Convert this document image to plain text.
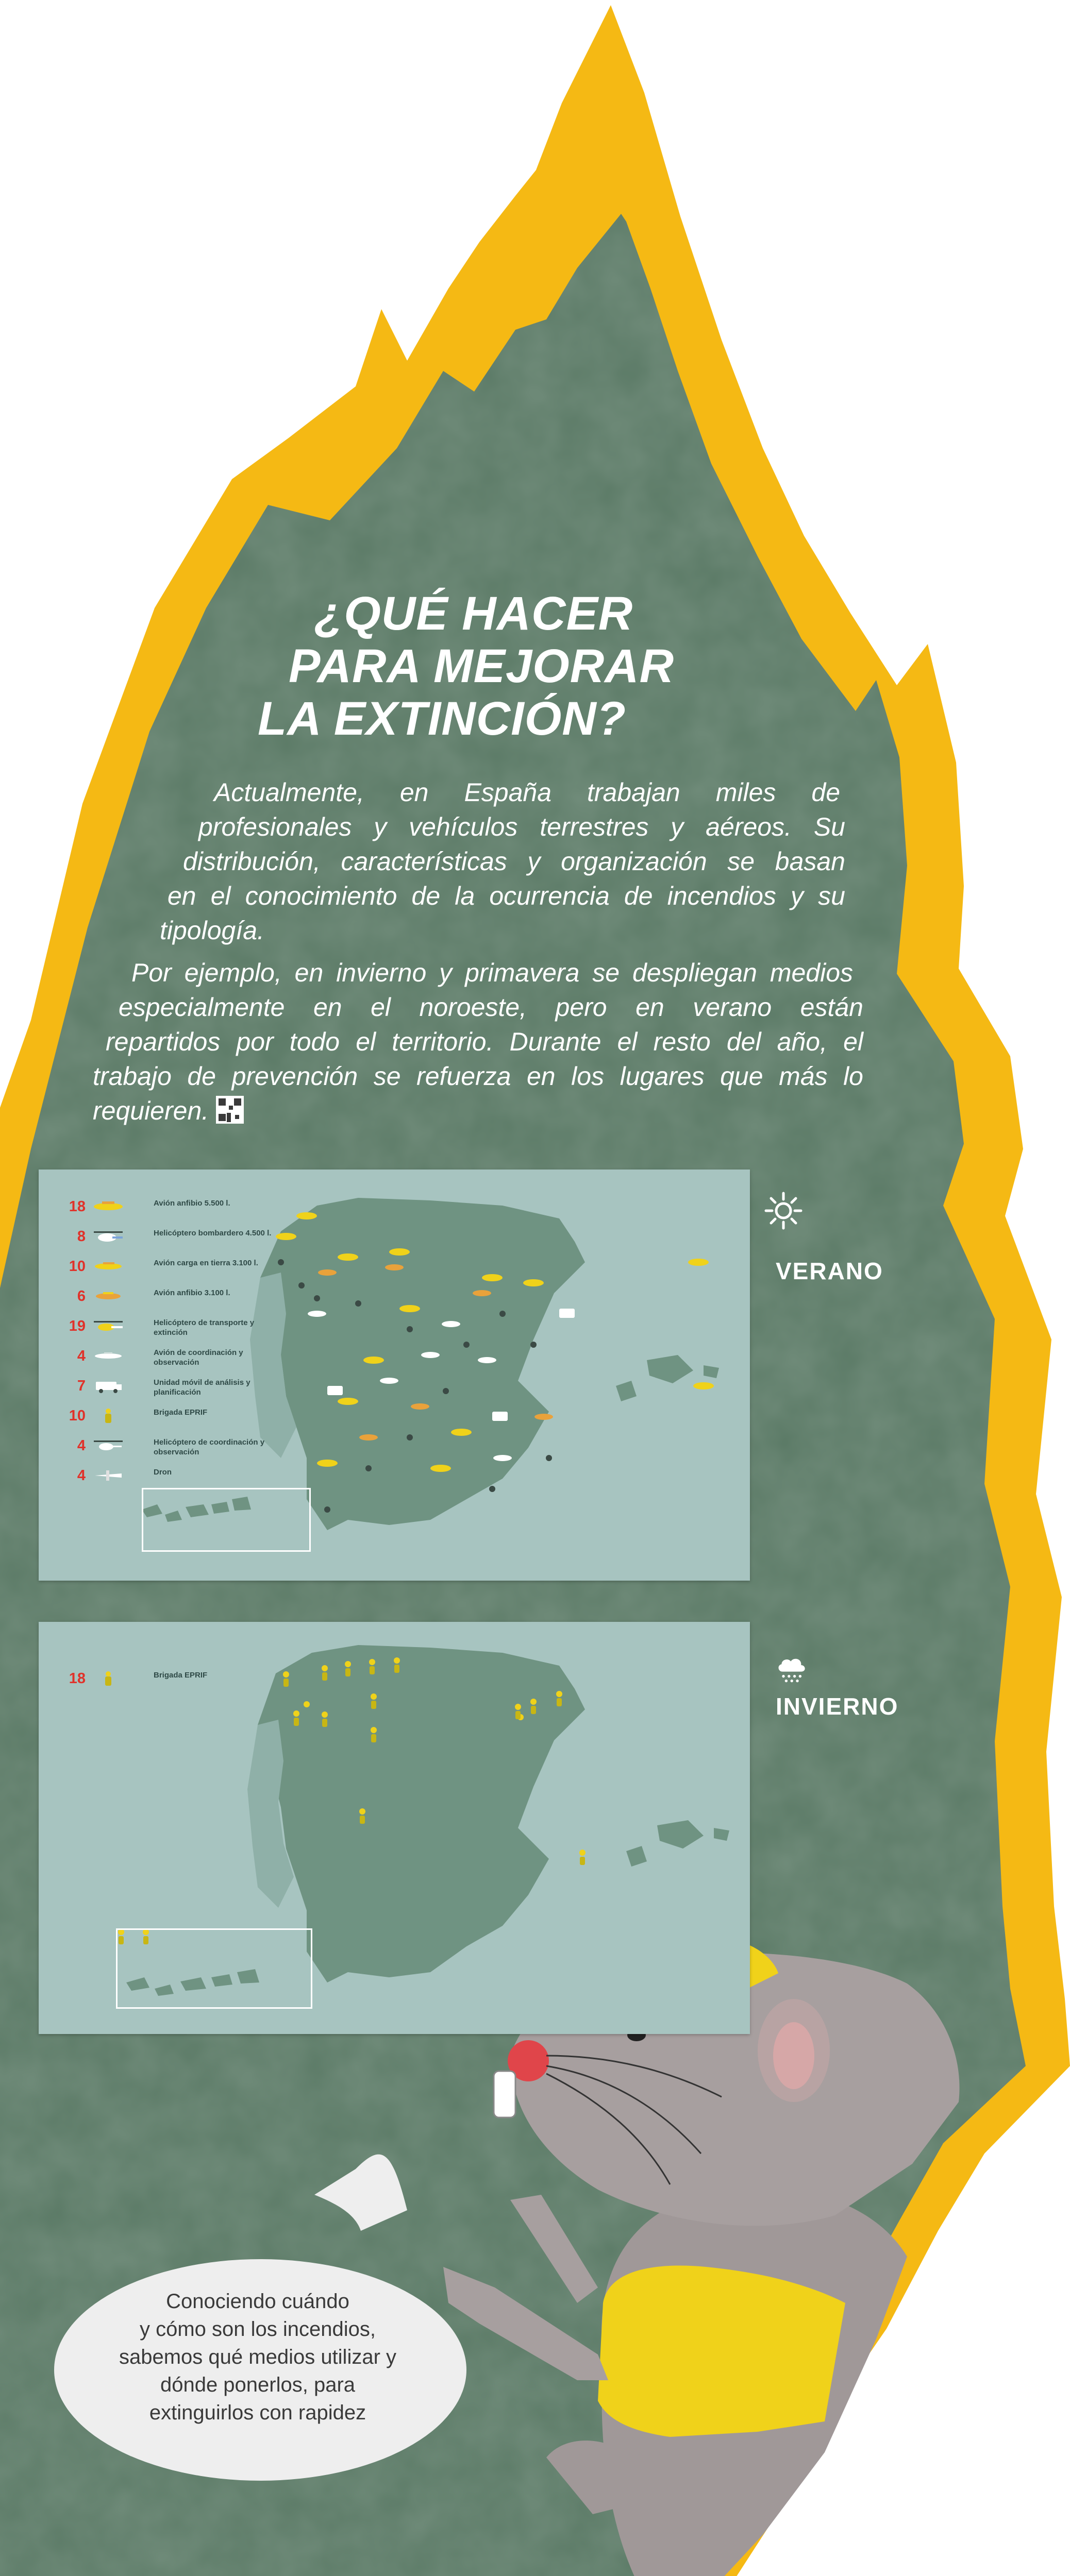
¿QUÉ HACER
PARA MEJORAR
LA EXTINCIÓN?
Actualmente, en España trabajan miles de
profesionales y vehículos terrestres y aéreos. Su
distribución, características y organización se basan
en el conocimiento de la ocurrencia de incendios y su
tipología.
Por ejemplo, en invierno y primavera se despliegan medios
especialmente en el noroeste, pero en verano están
repartidos por todo el territorio. Durante el resto del año, el
trabajo de prevención se refuerza en los lugares que más lo
requieren.
18	Avión anfibio 5.500 l.
8	Helicóptero bombardero 4.500 l.
10	Avión carga en tierra 3.100 l.
6	Avión anfibio 3.100 l.
19	Helicóptero de transporte y extinción
4	Avión de coordinación y observación
7	Unidad móvil de análisis y planificación
10	Brigada EPRIF
4	Helicóptero de coordinación y observación
4	Dron
VERANO
18	Brigada EPRIF
INVIERNO
Conociendo cuándo
y cómo son los incendios,
sabemos qué medios utilizar y
dónde ponerlos, para
extinguirlos con rapidez
